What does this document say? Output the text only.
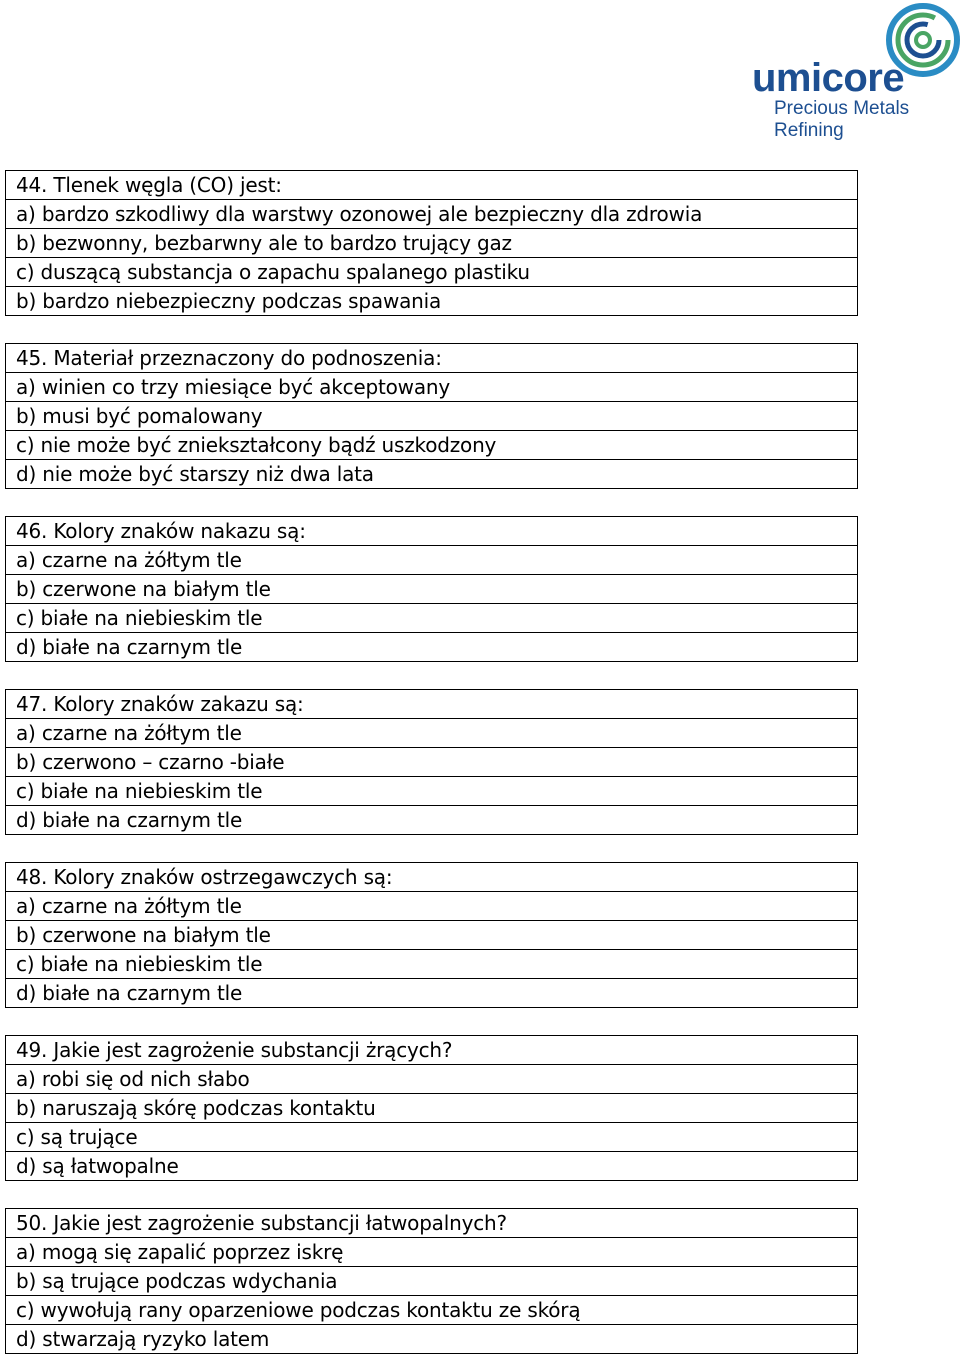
umicore
Precious Metals
Refining
44. Tlenek węgla (CO) jest:
a) bardzo szkodliwy dla warstwy ozonowej ale bezpieczny dla zdrowia
b) bezwonny, bezbarwny ale to bardzo trujący gaz
c) duszącą substancja o zapachu spalanego plastiku
b) bardzo niebezpieczny podczas spawania
45. Materiał przeznaczony do podnoszenia:
a) winien co trzy miesiące być akceptowany
b) musi być pomalowany
c) nie może być zniekształcony bądź uszkodzony
d) nie może być starszy niż dwa lata
46. Kolory znaków nakazu są:
a) czarne na żółtym tle
b) czerwone na białym tle
c) białe na niebieskim tle
d) białe na czarnym tle
47. Kolory znaków zakazu są:
a) czarne na żółtym tle
b) czerwono – czarno -białe
c) białe na niebieskim tle
d) białe na czarnym tle
48. Kolory znaków ostrzegawczych są:
a) czarne na żółtym tle
b) czerwone na białym tle
c) białe na niebieskim tle
d) białe na czarnym tle
49. Jakie jest zagrożenie substancji żrących?
a) robi się od nich słabo
b) naruszają skórę podczas kontaktu
c) są trujące
d) są łatwopalne
50. Jakie jest zagrożenie substancji łatwopalnych?
a) mogą się zapalić poprzez iskrę
b) są trujące podczas wdychania
c) wywołują rany oparzeniowe podczas kontaktu ze skórą
d) stwarzają ryzyko latem
